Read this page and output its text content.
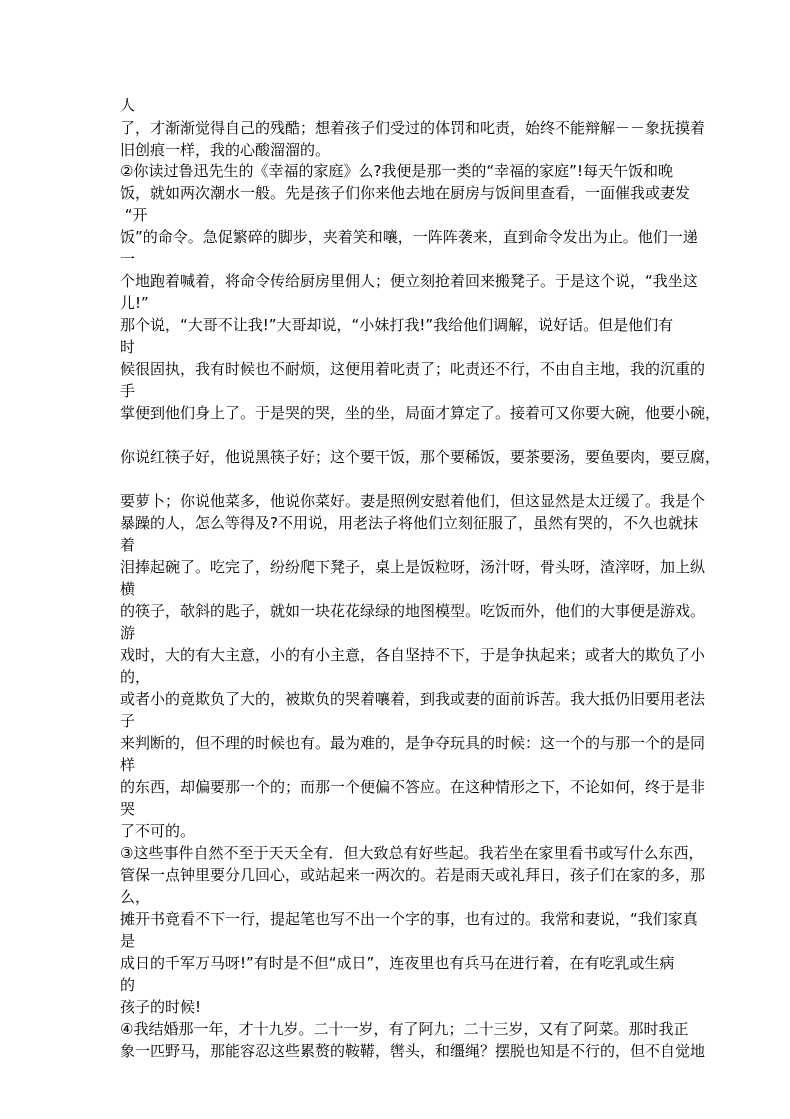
人
了，才渐渐觉得自己的残酷；想着孩子们受过的体罚和叱责，始终不能辩解－－象抚摸着
旧创痕一样，我的心酸溜溜的。
②你读过鲁迅先生的《幸福的家庭》么?我便是那一类的“幸福的家庭”!每天午饭和晚
饭，就如两次潮水一般。先是孩子们你来他去地在厨房与饭间里查看，一面催我或妻发
“开
饭”的命令。急促繁碎的脚步，夹着笑和嚷，一阵阵袭来，直到命令发出为止。他们一递
一
个地跑着喊着，将命令传给厨房里佣人；便立刻抢着回来搬凳子。于是这个说，“我坐这
儿!”
那个说，“大哥不让我!”大哥却说，“小妹打我!”我给他们调解，说好话。但是他们有
时
候很固执，我有时候也不耐烦，这便用着叱责了；叱责还不行，不由自主地，我的沉重的
手
掌便到他们身上了。于是哭的哭，坐的坐，局面才算定了。接着可又你要大碗，他要小碗，
你说红筷子好，他说黑筷子好；这个要干饭，那个要稀饭，要茶要汤，要鱼要肉，要豆腐，
要萝卜；你说他菜多，他说你菜好。妻是照例安慰着他们，但这显然是太迂缓了。我是个
暴躁的人，怎么等得及?不用说，用老法子将他们立刻征服了，虽然有哭的，不久也就抹
着
泪捧起碗了。吃完了，纷纷爬下凳子，桌上是饭粒呀，汤汁呀，骨头呀，渣滓呀，加上纵
横
的筷子，欹斜的匙子，就如一块花花绿绿的地图模型。吃饭而外，他们的大事便是游戏。
游
戏时，大的有大主意，小的有小主意，各自坚持不下，于是争执起来；或者大的欺负了小
的，
或者小的竟欺负了大的，被欺负的哭着嚷着，到我或妻的面前诉苦。我大抵仍旧要用老法
子
来判断的，但不理的时候也有。最为难的，是争夺玩具的时候：这一个的与那一个的是同
样
的东西，却偏要那一个的；而那一个便偏不答应。在这种情形之下，不论如何，终于是非
哭
了不可的。
③这些事件自然不至于天天全有．但大致总有好些起。我若坐在家里看书或写什么东西，
管保一点钟里要分几回心，或站起来一两次的。若是雨天或礼拜日，孩子们在家的多，那
么，
摊开书竟看不下一行，提起笔也写不出一个字的事，也有过的。我常和妻说，“我们家真
是
成日的千军万马呀!”有时是不但“成日”，连夜里也有兵马在进行着，在有吃乳或生病
的
孩子的时候!
④我结婚那一年，才十九岁。二十一岁，有了阿九；二十三岁，又有了阿菜。那时我正
象一匹野马，那能容忍这些累赘的鞍鞯，辔头，和缰绳？摆脱也知是不行的，但不自觉地
